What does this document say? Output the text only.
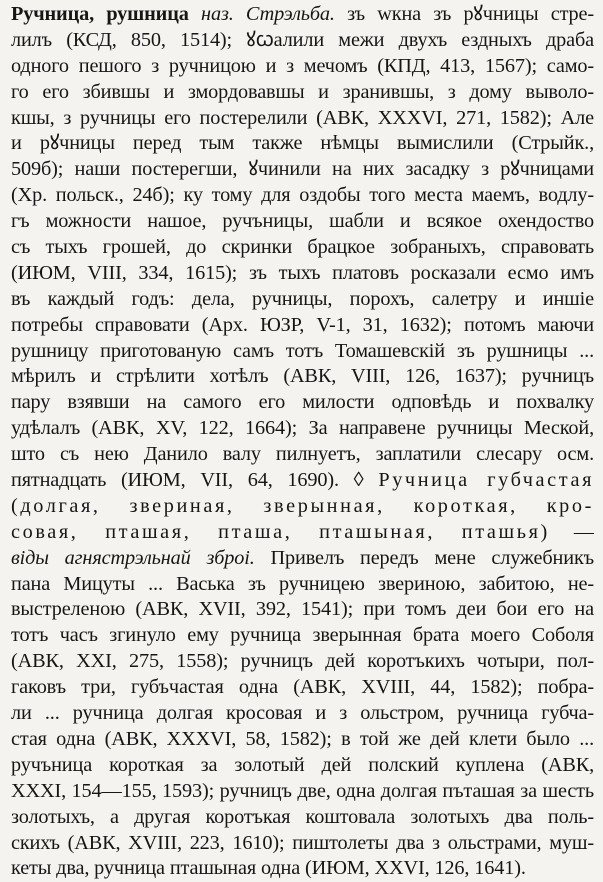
Ручница, рушница наз. Стрэльба. зъ wкна зъ рꙋчницы стре-
лилъ (КСД, 850, 1514); ꙋꙍалили межи двухъ ездныхъ драба
одного пешого з ручницою и з мечомъ (КПД, 413, 1567); само-
го его збившы и змордовавшы и зранившы, з дому выволо-
кшы, з ручницы его постерелили (АВК, XXXVI, 271, 1582); Але
и рꙋчницы перед тым также нѣмцы вымислили (Стрыйк.,
509б); наши постерегши, ꙋчинили на них засадку з рꙋчницами
(Хр. польск., 24б); ку тому для оздобы того места маемъ, водлу-
гъ можности нашое, ручъницы, шабли и всякое охендоство
съ тыхъ грошей, до скринки брацкое зобраныхъ, справовать
(ИЮМ, VIII, 334, 1615); зъ тыхъ платовъ росказали есмо имъ
въ каждый годъ: дела, ручницы, порохъ, салетру и иншіе
потребы справовати (Арх. ЮЗР, V-1, 31, 1632); потомъ маючи
рушницу приготованую самъ тотъ Томашевскій зъ рушницы ...
мѣрилъ и стрѣлити хотѣлъ (АВК, VIII, 126, 1637); ручницъ
пару взявши на самого его милости одповѣдь и похвалку
удѣлалъ (АВК, XV, 122, 1664); За направене ручницы Меской,
што съ нею Данило валу пилнуетъ, заплатили слесару осм.
пятнадцать (ИЮМ, VII, 64, 1690). ◊ Ручница губчастая
(долгая, звериная, зверынная, короткая, кро-
совая, пташая, пташа, пташыная, пташья) —
віды агнястрэльнай зброі. Привелъ передъ мене служебникъ
пана Мицуты ... Васька зъ ручницею звериною, забитою, не-
выстреленою (АВК, XVII, 392, 1541); при томъ деи бои его на
тотъ часъ згинуло ему ручница зверынная брата моего Соболя
(АВК, XXI, 275, 1558); ручницъ дей коротъкихъ чотыри, пол-
гаковъ три, губъчастая одна (АВК, XVIII, 44, 1582); побра-
ли ... ручница долгая кросовая и з ольстром, ручница губча-
стая одна (АВК, XXXVI, 58, 1582); в той же дей клети было ...
ручъница короткая за золотый дей полский куплена (АВК,
XXXI, 154—155, 1593); ручницъ две, одна долгая пъташая за шесть
золотыхъ, а другая коротъкая коштовала золотыхъ два поль-
скихъ (АВК, XVIII, 223, 1610); пиштолеты два з ольстрами, муш-
кеты два, ручница пташыная одна (ИЮМ, XXVI, 126, 1641).
